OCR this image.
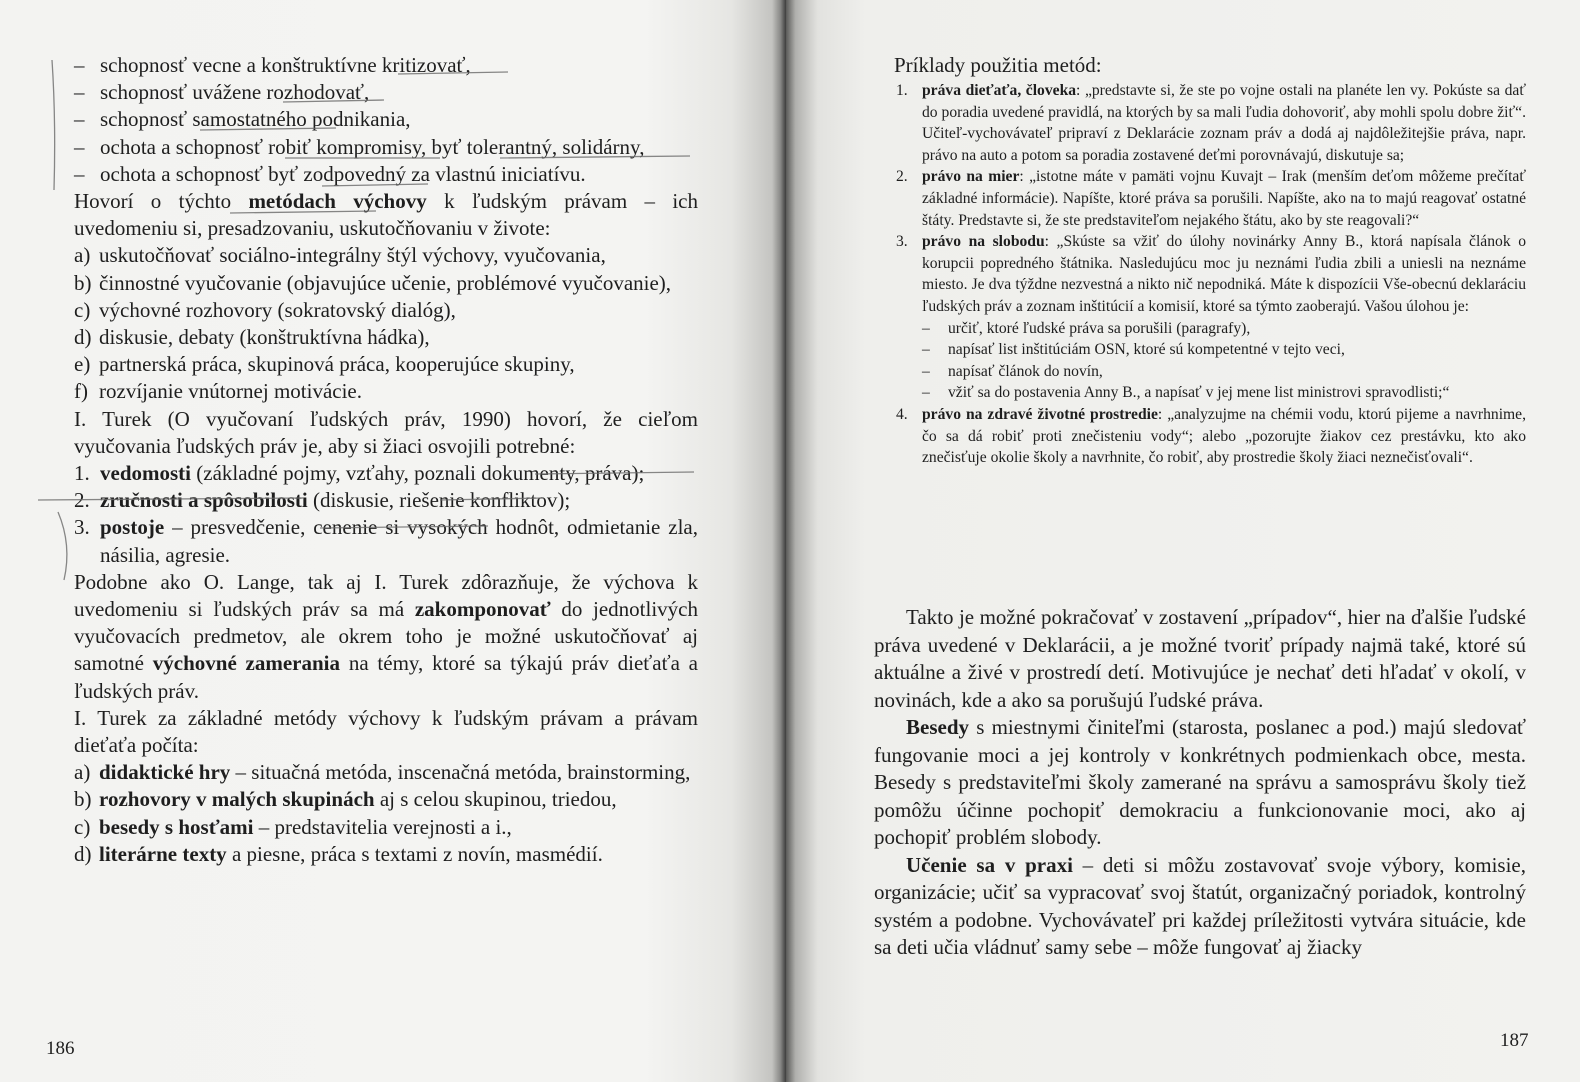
– schopnosť vecne a konštruktívne kritizovať,

– schopnosť uvážene rozhodovať,

– schopnosť samostatného podnikania,

– ochota a schopnosť robiť kompromisy, byť tolerantný, solidárny,

– ochota a schopnosť byť zodpovedný za vlastnú iniciatívu.

Hovorí o týchto metódach výchovy k ľudským právam – ich uvedomeniu si, presadzovaniu, uskutočňovaniu v živote:

a) uskutočňovať sociálno-integrálny štýl výchovy, vyučovania,

b) činnostné vyučovanie (objavujúce učenie, problémové vyučovanie),

c) výchovné rozhovory (sokratovský dialóg),

d) diskusie, debaty (konštruktívna hádka),

e) partnerská práca, skupinová práca, kooperujúce skupiny,

f) rozvíjanie vnútornej motivácie.

I. Turek (O vyučovaní ľudských práv, 1990) hovorí, že cieľom vyučovania ľudských práv je, aby si žiaci osvojili potrebné:

1. vedomosti (základné pojmy, vzťahy, poznali dokumenty, práva);

2. zručnosti a spôsobilosti (diskusie, riešenie konfliktov);

3. postoje – presvedčenie, cenenie si vysokých hodnôt, odmietanie zla, násilia, agresie.

Podobne ako O. Lange, tak aj I. Turek zdôrazňuje, že výchova k uvedomeniu si ľudských práv sa má zakomponovať do jednotlivých vyučovacích predmetov, ale okrem toho je možné uskutočňovať aj samotné výchovné zamerania na témy, ktoré sa týkajú práv dieťaťa a ľudských práv.

I. Turek za základné metódy výchovy k ľudským právam a právam dieťaťa počíta:

a) didaktické hry – situačná metóda, inscenačná metóda, brainstorming,

b) rozhovory v malých skupinách aj s celou skupinou, triedou,

c) besedy s hosťami – predstavitelia verejnosti a i.,

d) literárne texty a piesne, práca s textami z novín, masmédií.

186

Príklady použitia metód:

1. práva dieťaťa, človeka: „predstavte si, že ste po vojne ostali na planéte len vy. Pokúste sa dať do poradia uvedené pravidlá, na ktorých by sa mali ľudia dohovoriť, aby mohli spolu dobre žiť“. Učiteľ-vychovávateľ pripraví z Deklarácie zoznam práv a dodá aj najdôležitejšie práva, napr. právo na auto a potom sa poradia zostavené deťmi porovnávajú, diskutuje sa;

2. právo na mier: „istotne máte v pamäti vojnu Kuvajt – Irak (menším deťom môžeme prečítať základné informácie). Napíšte, ktoré práva sa porušili. Napíšte, ako na to majú reagovať ostatné štáty. Predstavte si, že ste predstaviteľom nejakého štátu, ako by ste reagovali?“

3. právo na slobodu: „Skúste sa vžiť do úlohy novinárky Anny B., ktorá napísala článok o korupcii popredného štátnika. Nasledujúcu moc ju neznámi ľudia zbili a uniesli na neznáme miesto. Je dva týždne nezvestná a nikto nič nepodniká. Máte k dispozícii Vše-obecnú deklaráciu ľudských práv a zoznam inštitúcií a komisií, ktoré sa týmto zaoberajú. Vašou úlohou je:

– určiť, ktoré ľudské práva sa porušili (paragrafy),

– napísať list inštitúciám OSN, ktoré sú kompetentné v tejto veci,

– napísať článok do novín,

– vžiť sa do postavenia Anny B., a napísať v jej mene list ministrovi spravodlisti;“

4. právo na zdravé životné prostredie: „analyzujme na chémii vodu, ktorú pijeme a navrhnime, čo sa dá robiť proti znečisteniu vody“; alebo „pozorujte žiakov cez prestávku, kto ako znečisťuje okolie školy a navrhnite, čo robiť, aby prostredie školy žiaci neznečisťovali“.

Takto je možné pokračovať v zostavení „prípadov“, hier na ďalšie ľudské práva uvedené v Deklarácii, a je možné tvoriť prípady najmä také, ktoré sú aktuálne a živé v prostredí detí. Motivujúce je nechať deti hľadať v okolí, v novinách, kde a ako sa porušujú ľudské práva.

Besedy s miestnymi činiteľmi (starosta, poslanec a pod.) majú sledovať fungovanie moci a jej kontroly v konkrétnych podmienkach obce, mesta. Besedy s predstaviteľmi školy zamerané na správu a samosprávu školy tiež pomôžu účinne pochopiť demokraciu a funkcionovanie moci, ako aj pochopiť problém slobody.

Učenie sa v praxi – deti si môžu zostavovať svoje výbory, komisie, organizácie; učiť sa vypracovať svoj štatút, organizačný poriadok, kontrolný systém a podobne. Vychovávateľ pri každej príležitosti vytvára situácie, kde sa deti učia vládnuť samy sebe – môže fungovať aj žiacky

187
